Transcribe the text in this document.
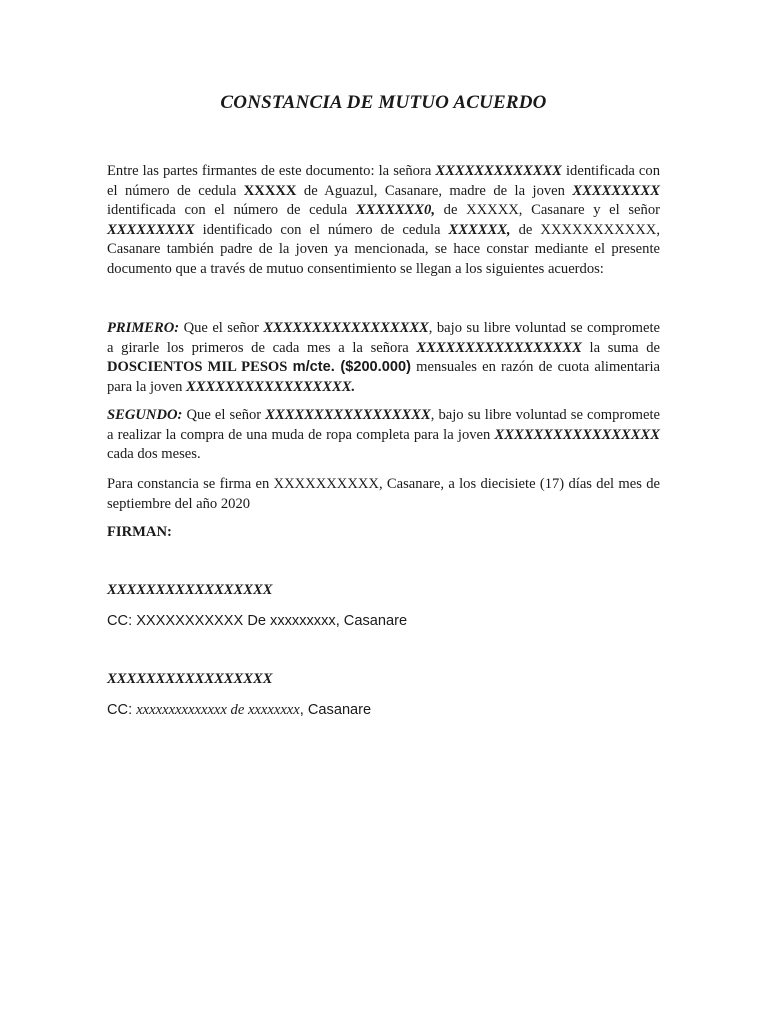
CONSTANCIA DE MUTUO ACUERDO
Entre las partes firmantes de este documento: la señora XXXXXXXXXXXXX identificada con el número de cedula XXXXX de Aguazul, Casanare, madre de la joven XXXXXXXXX identificada con el número de cedula XXXXXXX0, de XXXXX, Casanare y el señor XXXXXXXXX identificado con el número de cedula XXXXXX, de XXXXXXXXXXX, Casanare también padre de la joven ya mencionada, se hace constar mediante el presente documento que a través de mutuo consentimiento se llegan a los siguientes acuerdos:
PRIMERO: Que el señor XXXXXXXXXXXXXXXXX, bajo su libre voluntad se compromete a girarle los primeros de cada mes a la señora XXXXXXXXXXXXXXXXX la suma de DOSCIENTOS MIL PESOS m/cte. ($200.000) mensuales en razón de cuota alimentaria para la joven XXXXXXXXXXXXXXXXX.
SEGUNDO: Que el señor XXXXXXXXXXXXXXXXX, bajo su libre voluntad se compromete a realizar la compra de una muda de ropa completa para la joven XXXXXXXXXXXXXXXXX cada dos meses.
Para constancia se firma en XXXXXXXXXX, Casanare, a los diecisiete (17) días del mes de septiembre del año 2020
FIRMAN:
XXXXXXXXXXXXXXXXX
CC: XXXXXXXXXXX De xxxxxxxxx, Casanare
XXXXXXXXXXXXXXXXX
CC: xxxxxxxxxxxxxx de xxxxxxxx, Casanare
